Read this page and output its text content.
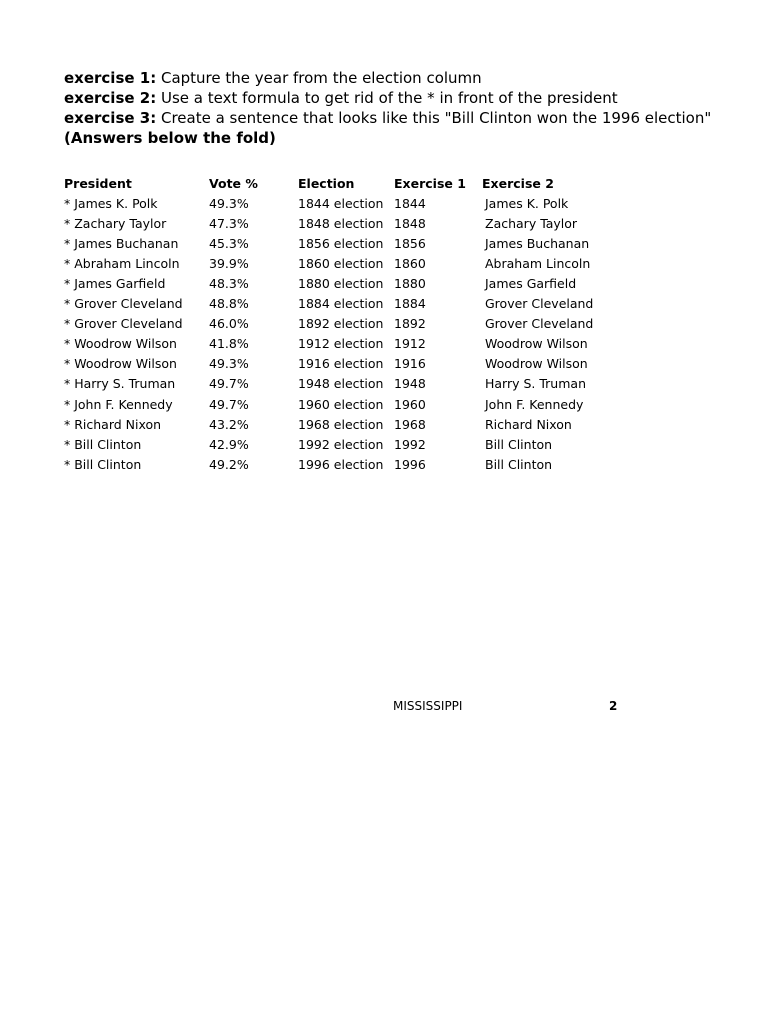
exercise 1: Capture the year from the election column
exercise 2: Use a text formula to get rid of the * in front of the president
exercise 3: Create a sentence that looks like this "Bill Clinton won the 1996 election"
(Answers below the fold)
President	Vote %	Election	Exercise 1	Exercise 2
* James K. Polk	49.3%	1844 election	1844	James K. Polk
* Zachary Taylor	47.3%	1848 election	1848	Zachary Taylor
* James Buchanan	45.3%	1856 election	1856	James Buchanan
* Abraham Lincoln	39.9%	1860 election	1860	Abraham Lincoln
* James Garfield	48.3%	1880 election	1880	James Garfield
* Grover Cleveland	48.8%	1884 election	1884	Grover Cleveland
* Grover Cleveland	46.0%	1892 election	1892	Grover Cleveland
* Woodrow Wilson	41.8%	1912 election	1912	Woodrow Wilson
* Woodrow Wilson	49.3%	1916 election	1916	Woodrow Wilson
* Harry S. Truman	49.7%	1948 election	1948	Harry S. Truman
* John F. Kennedy	49.7%	1960 election	1960	John F. Kennedy
* Richard Nixon	43.2%	1968 election	1968	Richard Nixon
* Bill Clinton	42.9%	1992 election	1992	Bill Clinton
* Bill Clinton	49.2%	1996 election	1996	Bill Clinton
MISSISSIPPI	2
